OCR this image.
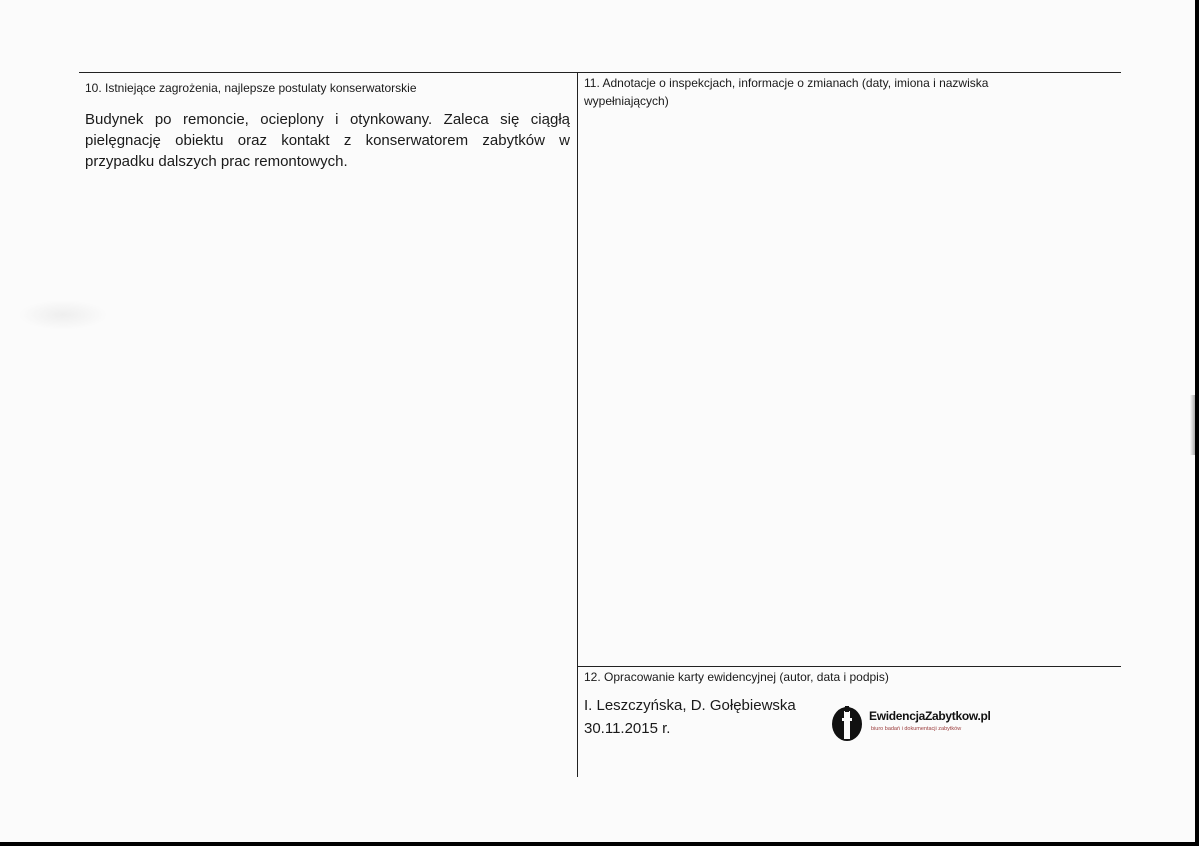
10. Istniejące zagrożenia, najlepsze postulaty konserwatorskie

Budynek po remoncie, ocieplony i otynkowany. Zaleca się ciągłą pielęgnację obiektu oraz kontakt z konserwatorem zabytków w przypadku dalszych prac remontowych.

11. Adnotacje o inspekcjach, informacje o zmianach (daty, imiona i nazwiska wypełniających)
12. Opracowanie karty ewidencyjnej (autor, data i podpis)

I. Leszczyńska, D. Gołębiewska

30.11.2015 r.

EwidencjaZabytkow.pl
biuro badań i dokumentacji zabytków
